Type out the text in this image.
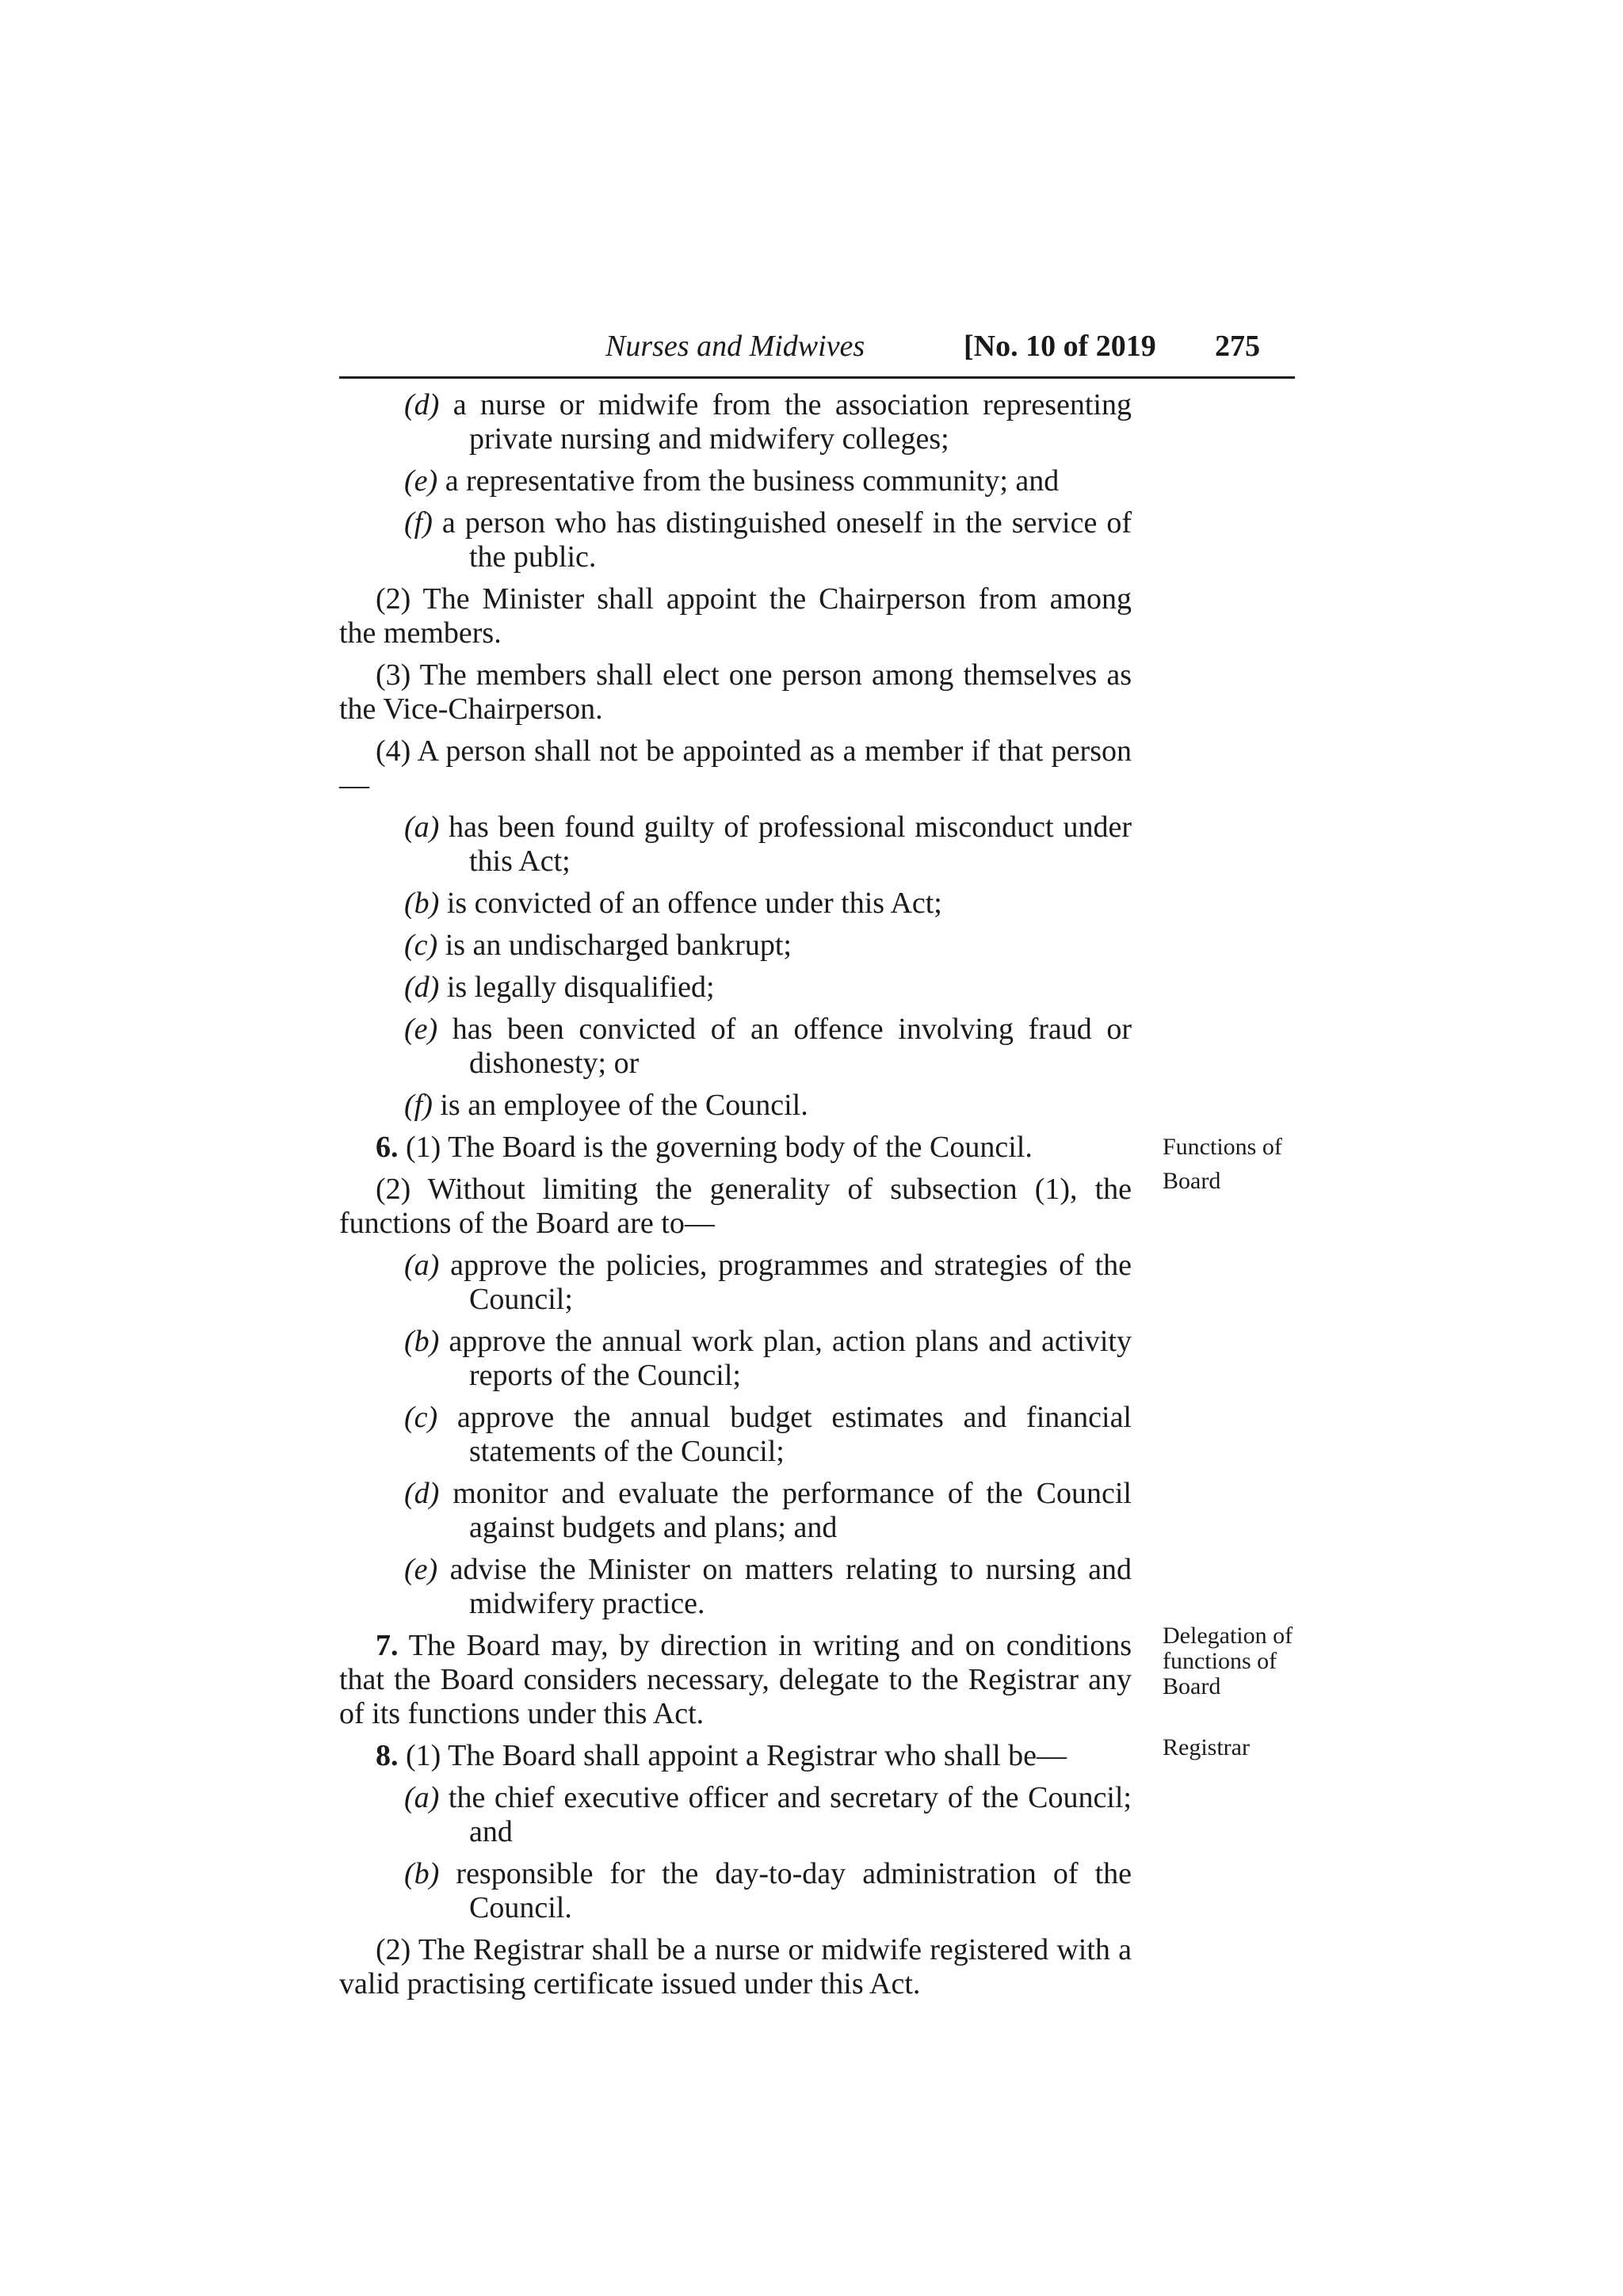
Nurses and Midwives	[No. 10 of 2019 275

(d) a nurse or midwife from the association representing private nursing and midwifery colleges;

(e) a representative from the business community; and

(f) a person who has distinguished oneself in the service of the public.

(2) The Minister shall appoint the Chairperson from among the members.

(3) The members shall elect one person among themselves as the Vice-Chairperson.

(4) A person shall not be appointed as a member if that person—

(a) has been found guilty of professional misconduct under this Act;

(b) is convicted of an offence under this Act;

(c) is an undischarged bankrupt;

(d) is legally disqualified;

(e) has been convicted of an offence involving fraud or dishonesty; or

(f) is an employee of the Council.

6. (1) The Board is the governing body of the Council.

(2) Without limiting the generality of subsection (1), the functions of the Board are to—

(a) approve the policies, programmes and strategies of the Council;

(b) approve the annual work plan, action plans and activity reports of the Council;

(c) approve the annual budget estimates and financial statements of the Council;

(d) monitor and evaluate the performance of the Council against budgets and plans; and

(e) advise the Minister on matters relating to nursing and midwifery practice.

7. The Board may, by direction in writing and on conditions that the Board considers necessary, delegate to the Registrar any of its functions under this Act.

8. (1) The Board shall appoint a Registrar who shall be—

(a) the chief executive officer and secretary of the Council; and

(b) responsible for the day-to-day administration of the Council.

(2) The Registrar shall be a nurse or midwife registered with a valid practising certificate issued under this Act.

Functions of Board
Delegation of functions of Board
Registrar
